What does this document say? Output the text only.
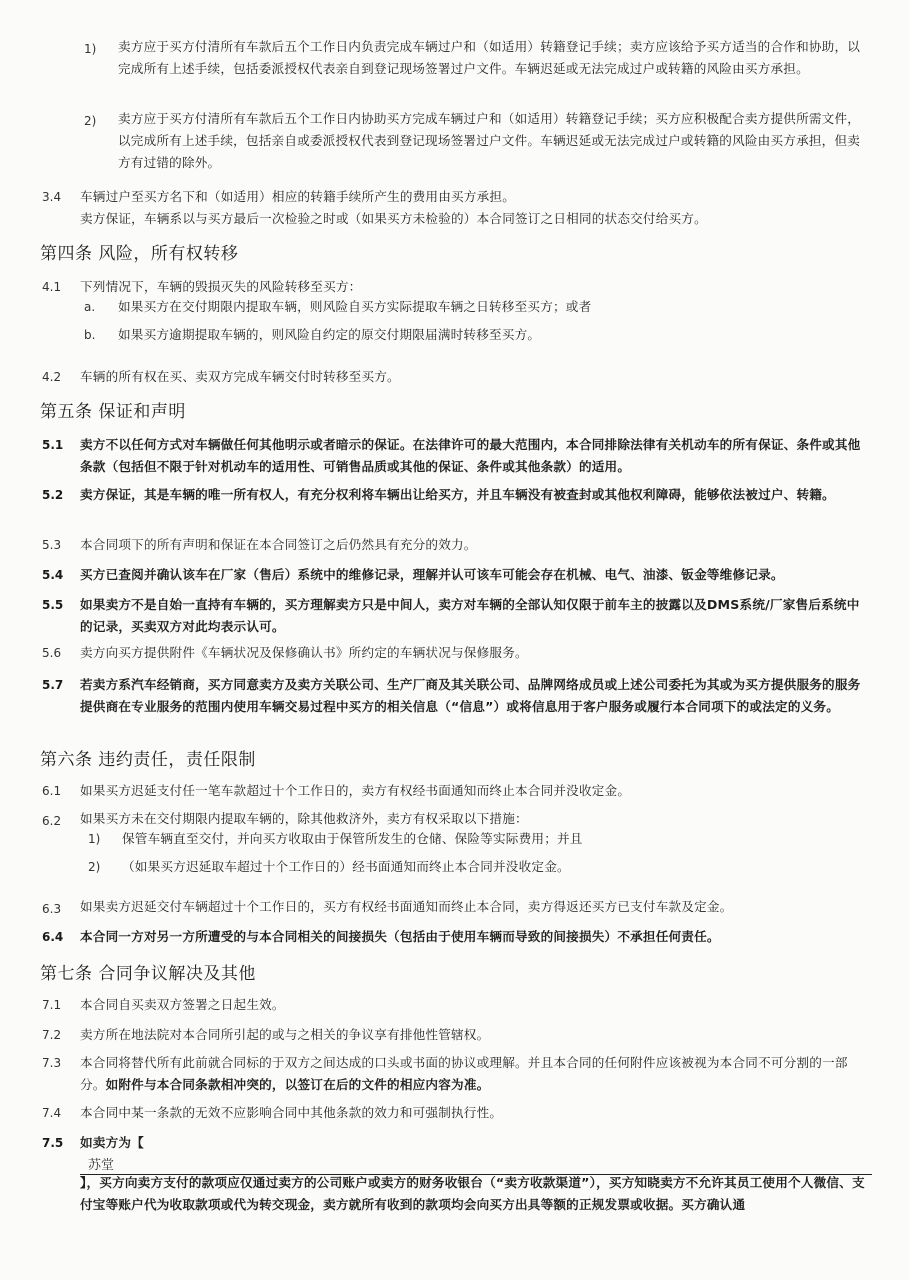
1) 卖方应于买方付清所有车款后五个工作日内负责完成车辆过户和（如适用）转籍登记手续；卖方应该给予买方适当的合作和协助，以完成所有上述手续，包括委派授权代表亲自到登记现场签署过户文件。车辆迟延或无法完成过户或转籍的风险由买方承担。
2) 卖方应于买方付清所有车款后五个工作日内协助买方完成车辆过户和（如适用）转籍登记手续；买方应积极配合卖方提供所需文件，以完成所有上述手续，包括亲自或委派授权代表到登记现场签署过户文件。车辆迟延或无法完成过户或转籍的风险由买方承担，但卖方有过错的除外。
3.4 车辆过户至买方名下和（如适用）相应的转籍手续所产生的费用由买方承担。
卖方保证，车辆系以与买方最后一次检验之时或（如果买方未检验的）本合同签订之日相同的状态交付给买方。
第四条 风险，所有权转移
4.1 下列情况下，车辆的毁损灭失的风险转移至买方：
a. 如果买方在交付期限内提取车辆，则风险自买方实际提取车辆之日转移至买方；或者
b. 如果买方逾期提取车辆的，则风险自约定的原交付期限届满时转移至买方。
4.2 车辆的所有权在买、卖双方完成车辆交付时转移至买方。
第五条 保证和声明
5.1 卖方不以任何方式对车辆做任何其他明示或者暗示的保证。在法律许可的最大范围内，本合同排除法律有关机动车的所有保证、条件或其他条款（包括但不限于针对机动车的适用性、可销售品质或其他的保证、条件或其他条款）的适用。
5.2 卖方保证，其是车辆的唯一所有权人，有充分权利将车辆出让给买方，并且车辆没有被查封或其他权利障碍，能够依法被过户、转籍。
5.3 本合同项下的所有声明和保证在本合同签订之后仍然具有充分的效力。
5.4 买方已查阅并确认该车在厂家（售后）系统中的维修记录，理解并认可该车可能会存在机械、电气、油漆、钣金等维修记录。
5.5 如果卖方不是自始一直持有车辆的，买方理解卖方只是中间人，卖方对车辆的全部认知仅限于前车主的披露以及DMS系统/厂家售后系统中的记录，买卖双方对此均表示认可。
5.6 卖方向买方提供附件《车辆状况及保修确认书》所约定的车辆状况与保修服务。
5.7 若卖方系汽车经销商，买方同意卖方及卖方关联公司、生产厂商及其关联公司、品牌网络成员或上述公司委托为其或为买方提供服务的服务提供商在专业服务的范围内使用车辆交易过程中买方的相关信息（“信息”）或将信息用于客户服务或履行本合同项下的或法定的义务。
第六条 违约责任，责任限制
6.1 如果买方迟延支付任一笔车款超过十个工作日的，卖方有权经书面通知而终止本合同并没收定金。
6.2 如果买方未在交付期限内提取车辆的，除其他救济外，卖方有权采取以下措施：
1) 保管车辆直至交付，并向买方收取由于保管所发生的仓储、保险等实际费用；并且
2) （如果买方迟延取车超过十个工作日的）经书面通知而终止本合同并没收定金。
6.3 如果卖方迟延交付车辆超过十个工作日的，买方有权经书面通知而终止本合同，卖方得返还买方已支付车款及定金。
6.4 本合同一方对另一方所遭受的与本合同相关的间接损失（包括由于使用车辆而导致的间接损失）不承担任何责任。
第七条 合同争议解决及其他
7.1 本合同自买卖双方签署之日起生效。
7.2 卖方所在地法院对本合同所引起的或与之相关的争议享有排他性管辖权。
7.3 本合同将替代所有此前就合同标的于双方之间达成的口头或书面的协议或理解。并且本合同的任何附件应该被视为本合同不可分割的一部分。如附件与本合同条款相冲突的，以签订在后的文件的相应内容为准。
7.4 本合同中某一条款的无效不应影响合同中其他条款的效力和可强制执行性。
7.5 如卖方为【
苏堂
】，买方向卖方支付的款项应仅通过卖方的公司账户或卖方的财务收银台（“卖方收款渠道”），买方知晓卖方不允许其员工使用个人微信、支付宝等账户代为收取款项或代为转交现金，卖方就所有收到的款项均会向买方出具等额的正规发票或收据。买方确认通
